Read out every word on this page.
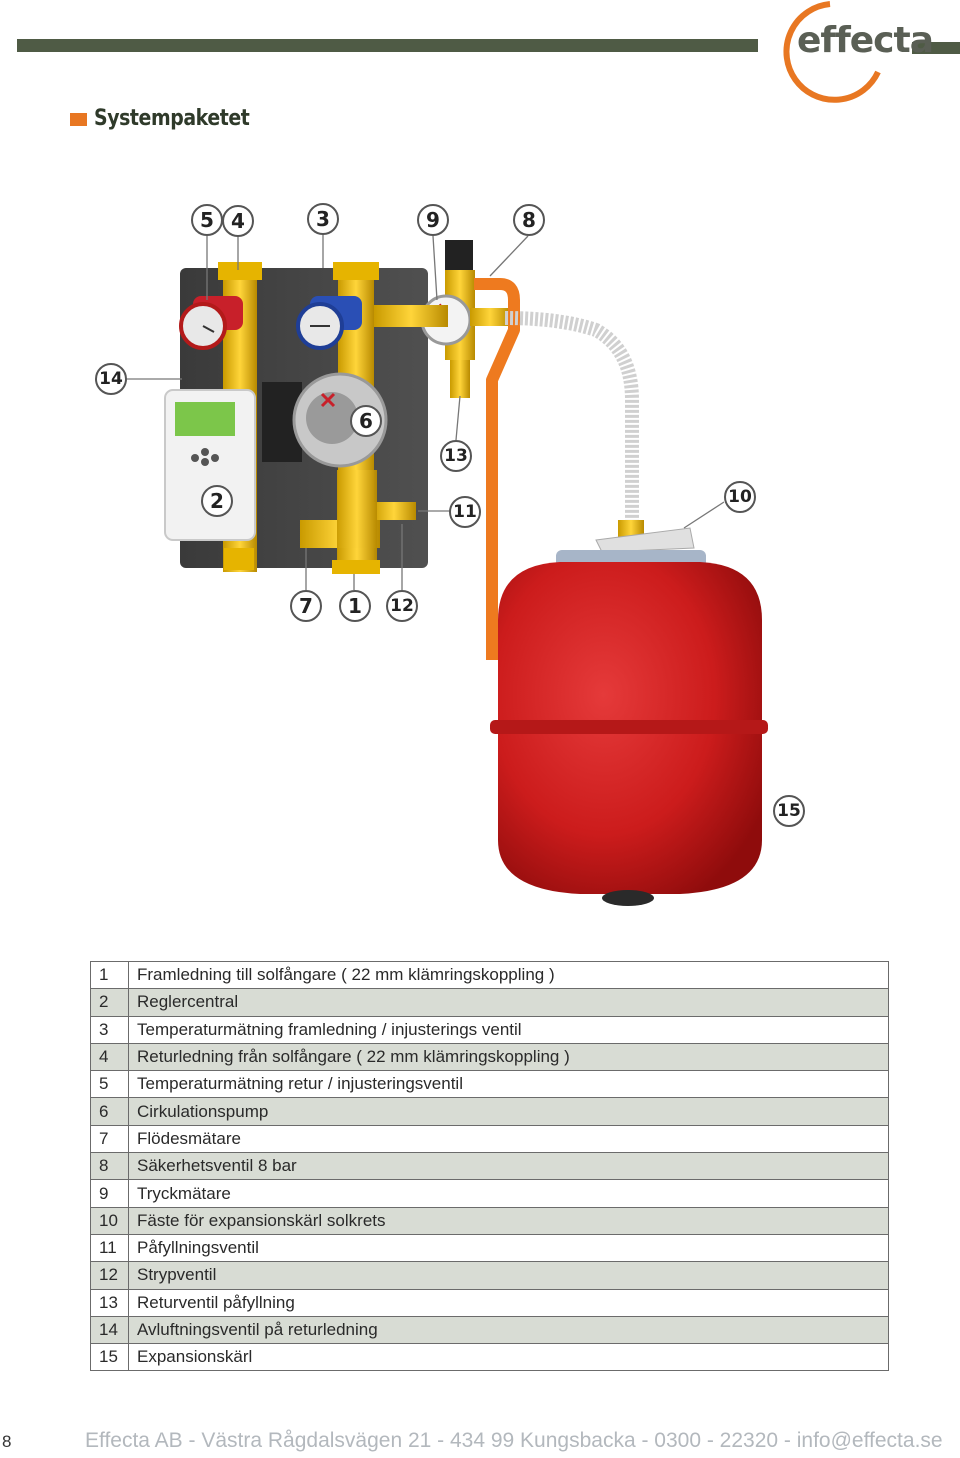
effecta
Systempaketet
5 4	3	9	8
14
6
13
11
10
2
7 1 12
15
1	Framledning till solfångare ( 22 mm klämringskoppling )
2	Reglercentral
3	Temperaturmätning framledning / injusterings ventil
4	Returledning från solfångare ( 22 mm klämringskoppling )
5	Temperaturmätning retur / injusteringsventil
6	Cirkulationspump
7	Flödesmätare
8	Säkerhetsventil 8 bar
9	Tryckmätare
10	Fäste för expansionskärl solkrets
11	Påfyllningsventil
12	Strypventil
13	Returventil påfyllning
14	Avluftningsventil på returledning
15	Expansionskärl
8	Effecta AB - Västra Rågdalsvägen 21 - 434 99 Kungsbacka - 0300 - 22320 - info@effecta.se
